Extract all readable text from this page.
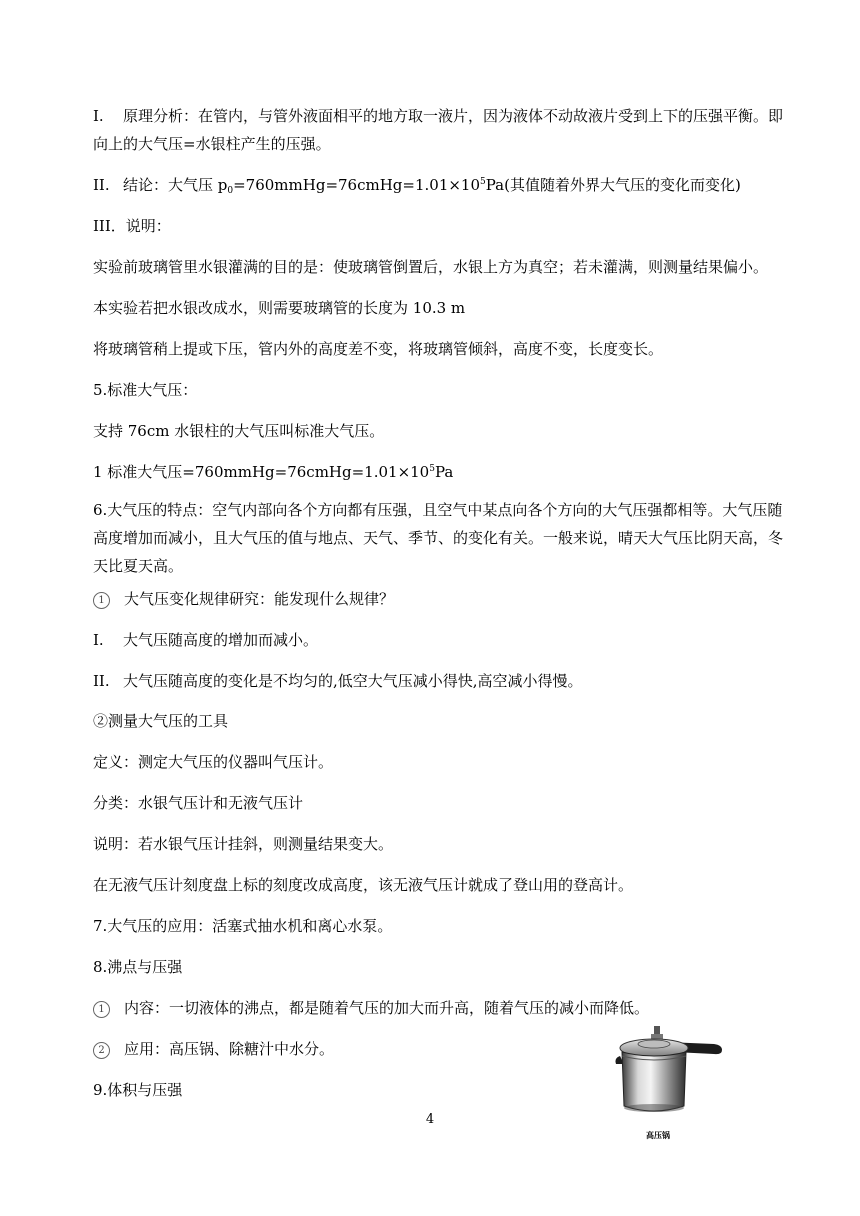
I. 原理分析：在管内，与管外液面相平的地方取一液片，因为液体不动故液片受到上下的压强平衡。即向上的大气压=水银柱产生的压强。
II. 结论：大气压 $p_0=760mmHg=76cmHg=1.01\times 10^5Pa$(其值随着外界大气压的变化而变化)
III．说明：
实验前玻璃管里水银灌满的目的是：使玻璃管倒置后，水银上方为真空；若未灌满，则测量结果偏小。
本实验若把水银改成水，则需要玻璃管的长度为 10.3 m
将玻璃管稍上提或下压，管内外的高度差不变，将玻璃管倾斜，高度不变，长度变长。
5.标准大气压：
支持 76cm 水银柱的大气压叫标准大气压。
1 标准大气压$=760mmHg=76cmHg=1.01\times 10^5Pa$
6.大气压的特点：空气内部向各个方向都有压强，且空气中某点向各个方向的大气压强都相等。大气压随高度增加而减小，且大气压的值与地点、天气、季节、的变化有关。一般来说，晴天大气压比阴天高，冬天比夏天高。
1 大气压变化规律研究：能发现什么规律？
I. 大气压随高度的增加而减小。
II. 大气压随高度的变化是不均匀的,低空大气压减小得快,高空减小得慢。
②测量大气压的工具
定义：测定大气压的仪器叫气压计。
分类：水银气压计和无液气压计
说明：若水银气压计挂斜，则测量结果变大。
在无液气压计刻度盘上标的刻度改成高度，该无液气压计就成了登山用的登高计。
7.大气压的应用：活塞式抽水机和离心水泵。
8.沸点与压强
1 内容：一切液体的沸点，都是随着气压的加大而升高，随着气压的减小而降低。
2 应用：高压锅、除糖汁中水分。
9.体积与压强
高压锅
4
